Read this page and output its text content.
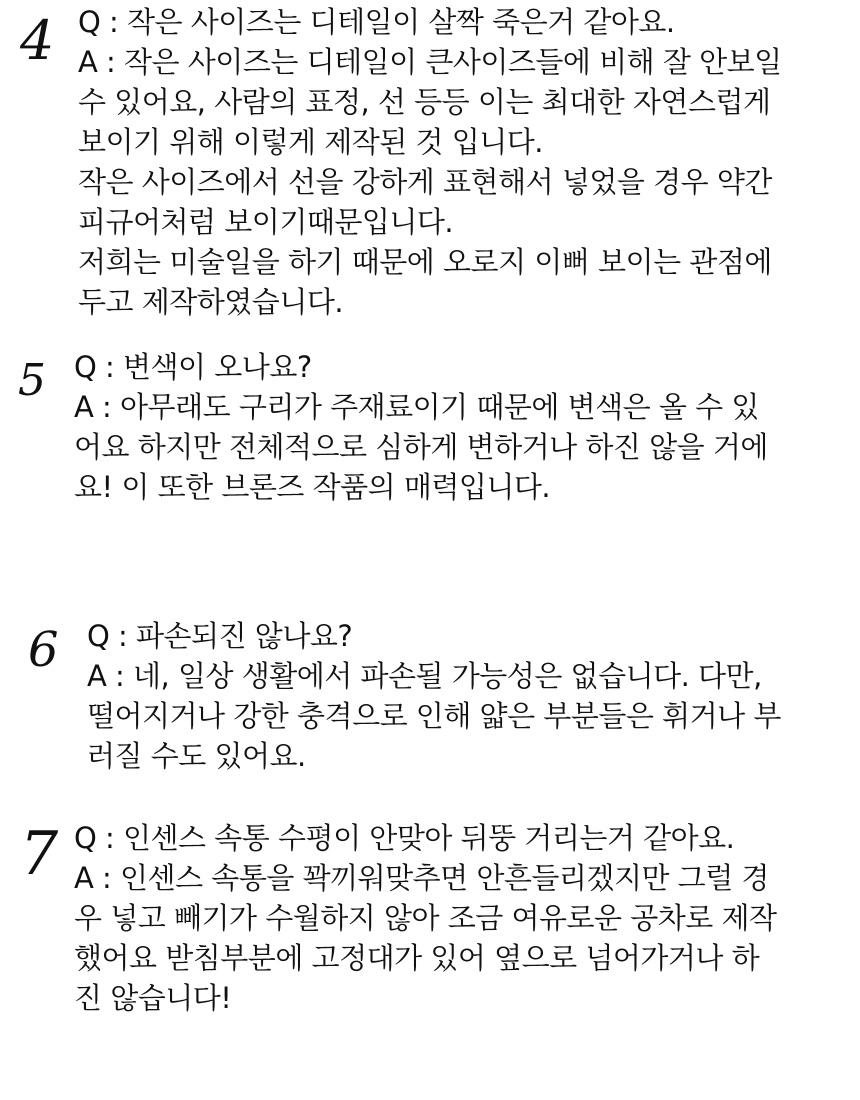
4 Q : 작은 사이즈는 디테일이 살짝 죽은거 같아요.
A : 작은 사이즈는 디테일이 큰사이즈들에 비해 잘 안보일
수 있어요, 사람의 표정, 선 등등 이는 최대한 자연스럽게
보이기 위해 이렇게 제작된 것 입니다.
작은 사이즈에서 선을 강하게 표현해서 넣었을 경우 약간
피규어처럼 보이기때문입니다.
저희는 미술일을 하기 때문에 오로지 이뻐 보이는 관점에
두고 제작하였습니다.
5 Q : 변색이 오나요?
A : 아무래도 구리가 주재료이기 때문에 변색은 올 수 있
어요 하지만 전체적으로 심하게 변하거나 하진 않을 거에
요! 이 또한 브론즈 작품의 매력입니다.
6 Q : 파손되진 않나요?
A : 네, 일상 생활에서 파손될 가능성은 없습니다. 다만,
떨어지거나 강한 충격으로 인해 얇은 부분들은 휘거나 부
러질 수도 있어요.
7 Q : 인센스 속통 수평이 안맞아 뒤뚱 거리는거 같아요.
A : 인센스 속통을 꽉끼워맞추면 안흔들리겠지만 그럴 경
우 넣고 빼기가 수월하지 않아 조금 여유로운 공차로 제작
했어요 받침부분에 고정대가 있어 옆으로 넘어가거나 하
진 않습니다!
